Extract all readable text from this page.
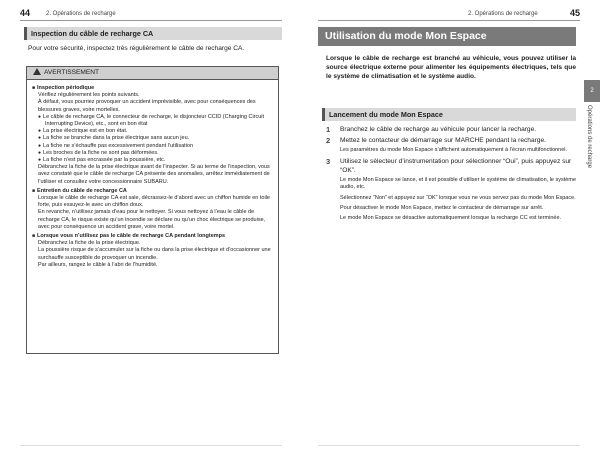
44	2. Opérations de recharge
Inspection du câble de recharge CA
Pour votre sécurité, inspectez très régulièrement le câble de recharge CA.
AVERTISSEMENT
■ Inspection périodique
Vérifiez régulièrement les points suivants.
À défaut, vous pourriez provoquer un accident imprévisible, avec pour conséquences des blessures graves, voire mortelles.
● Le câble de recharge CA, le connecteur de recharge, le disjoncteur CCID (Charging Circuit Interrupting Device), etc., sont en bon état
● La prise électrique est en bon état.
● La fiche se branche dans la prise électrique sans aucun jeu.
● La fiche ne s’échauffe pas excessivement pendant l’utilisation
● Les broches de la fiche ne sont pas déformées.
● La fiche n’est pas encrassée par la poussière, etc.
Débranchez la fiche de la prise électrique avant de l’inspecter. Si au terme de l’inspection, vous avez constaté que le câble de recharge CA présente des anomalies, arrêtez immédiatement de l’utiliser et consultez votre concessionnaire SUBARU.
■ Entretien du câble de recharge CA
Lorsque le câble de recharge CA est sale, décrassez-le d’abord avec un chiffon humide en toile forte, puis essuyez-le avec un chiffon doux.
En revanche, n’utilisez jamais d’eau pour le nettoyer. Si vous nettoyez à l’eau le câble de recharge CA, le risque existe qu’un incendie se déclare ou qu’un choc électrique se produise, avec pour conséquence un accident grave, voire mortel.
■ Lorsque vous n’utilisez pas le câble de recharge CA pendant longtemps
Débranchez la fiche de la prise électrique.
La poussière risque de s’accumuler sur la fiche ou dans la prise électrique et d’occasionner une surchauffe susceptible de provoquer un incendie.
Par ailleurs, rangez le câble à l’abri de l’humidité.
2. Opérations de recharge	45
Utilisation du mode Mon Espace
Lorsque le câble de recharge est branché au véhicule, vous pouvez utiliser la source électrique externe pour alimenter les équipements électriques, tels que le système de climatisation et le système audio.
Lancement du mode Mon Espace
1 Branchez le câble de recharge au véhicule pour lancer la recharge.
2 Mettez le contacteur de démarrage sur MARCHE pendant la recharge.
Les paramètres du mode Mon Espace s’affichent automatiquement à l’écran multifonctionnel.
3 Utilisez le sélecteur d’instrumentation pour sélectionner “Oui”, puis appuyez sur “OK”.
Le mode Mon Espace se lance, et il est possible d’utiliser le système de climatisation, le système audio, etc.
Sélectionnez “Non” et appuyez sur “OK” lorsque vous ne vous servez pas du mode Mon Espace.
Pour désactiver le mode Mon Espace, mettez le contacteur de démarrage sur arrêt.
Le mode Mon Espace se désactive automatiquement lorsque la recharge CC est terminée.
2
Opérations de recharge
